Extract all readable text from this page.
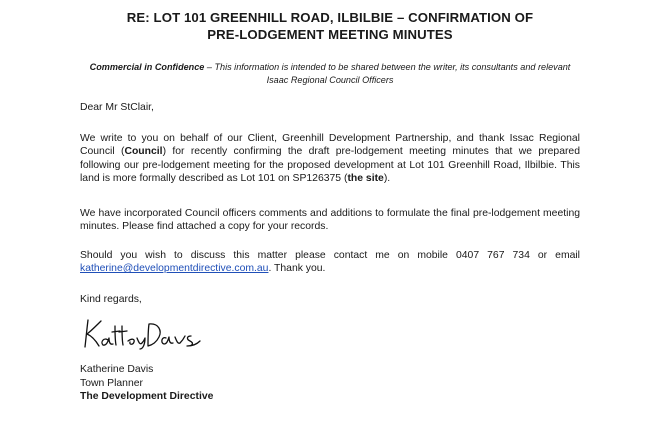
RE: LOT 101 GREENHILL ROAD, ILBILBIE – CONFIRMATION OF
PRE-LODGEMENT MEETING MINUTES
Commercial in Confidence – This information is intended to be shared between the writer, its consultants and relevant Isaac Regional Council Officers
Dear Mr StClair,
We write to you on behalf of our Client, Greenhill Development Partnership, and thank Issac Regional Council (Council) for recently confirming the draft pre-lodgement meeting minutes that we prepared following our pre-lodgement meeting for the proposed development at Lot 101 Greenhill Road, Ilbilbie. This land is more formally described as Lot 101 on SP126375 (the site).
We have incorporated Council officers comments and additions to formulate the final pre-lodgement meeting minutes. Please find attached a copy for your records.
Should you wish to discuss this matter please contact me on mobile 0407 767 734 or email katherine@developmentdirective.com.au. Thank you.
Kind regards,
Katherine Davis
Town Planner
The Development Directive
